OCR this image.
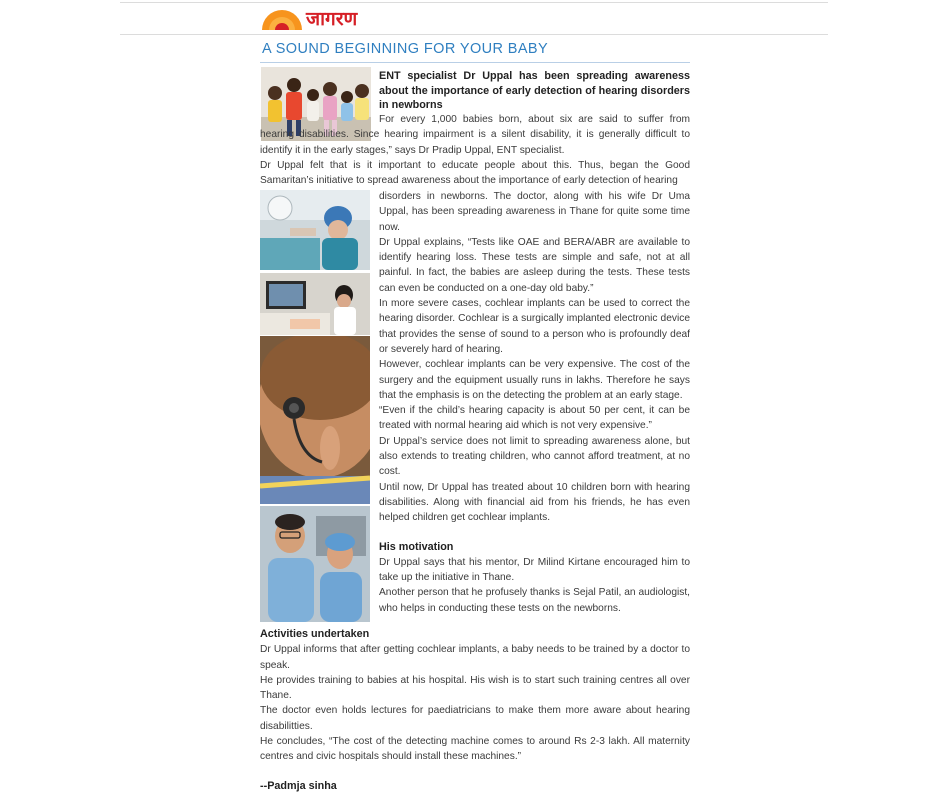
जागरण
A SOUND BEGINNING FOR YOUR BABY

ENT specialist Dr Uppal has been spreading awareness about the importance of early detection of hearing disorders in newborns

For every 1,000 babies born, about six are said to suffer from hearing disabilities. Since hearing impairment is a silent disability, it is generally difficult to identify it in the early stages,” says Dr Pradip Uppal, ENT specialist.

Dr Uppal felt that is it important to educate people about this. Thus, began the Good Samaritan’s initiative to spread awareness about the importance of early detection of hearing

disorders in newborns. The doctor, along with his wife Dr Uma Uppal, has been spreading awareness in Thane for quite some time now.

Dr Uppal explains, “Tests like OAE and BERA/ABR are available to identify hearing loss. These tests are simple and safe, not at all painful. In fact, the babies are asleep during the tests. These tests can even be conducted on a one-day old baby.”

In more severe cases, cochlear implants can be used to correct the hearing disorder. Cochlear is a surgically implanted electronic device that provides the sense of sound to a person who is profoundly deaf or severely hard of hearing.

However, cochlear implants can be very expensive. The cost of the surgery and the equipment usually runs in lakhs. Therefore he says that the emphasis is on the detecting the problem at an early stage.

“Even if the child’s hearing capacity is about 50 per cent, it can be treated with normal hearing aid which is not very expensive.”

Dr Uppal’s service does not limit to spreading awareness alone, but also extends to treating children, who cannot afford treatment, at no cost.

Until now, Dr Uppal has treated about 10 children born with hearing disabilities. Along with financial aid from his friends, he has even helped children get cochlear implants.

His motivation

Dr Uppal says that his mentor, Dr Milind Kirtane encouraged him to take up the initiative in Thane.

Another person that he profusely thanks is Sejal Patil, an audiologist, who helps in conducting these tests on the newborns.

Activities undertaken

Dr Uppal informs that after getting cochlear implants, a baby needs to be trained by a doctor to speak.

He provides training to babies at his hospital. His wish is to start such training centres all over Thane.

The doctor even holds lectures for paediatricians to make them more aware about hearing disabilitties.

He concludes, “The cost of the detecting machine comes to around Rs 2-3 lakh. All maternity centres and civic hospitals should install these machines.”

--Padmja sinha
